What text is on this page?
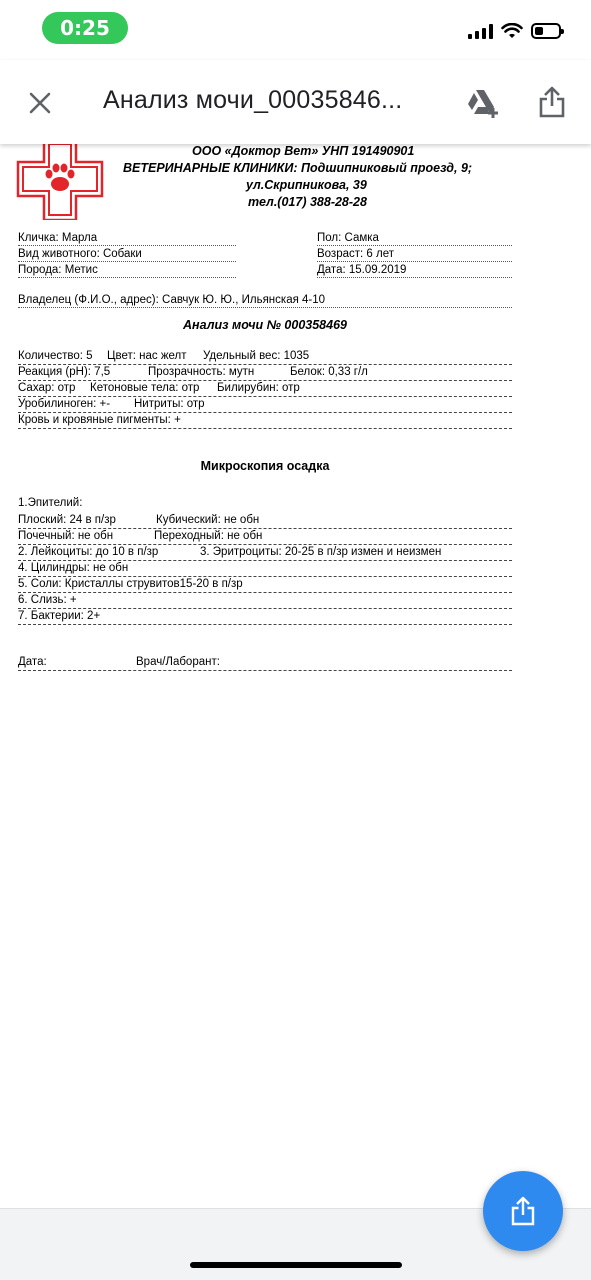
0:25
Анализ мочи_00035846...
ООО «Доктор Вет» УНП 191490901
ВЕТЕРИНАРНЫЕ КЛИНИКИ: Подшипниковый проезд, 9;
ул.Скрипникова, 39
тел.(017) 388-28-28
Кличка: Марла
Вид животного: Собаки
Порода: Метис
Пол: Самка
Возраст: 6 лет
Дата: 15.09.2019
Владелец (Ф.И.О., адрес): Савчук Ю. Ю., Ильянская 4-10
Анализ мочи № 000358469
Количество: 5 Цвет: нас желт Удельный вес: 1035
Реакция (рН): 7,5	Прозрачность: мутн	Белок: 0,33 г/л
Сахар: отр Кетоновые тела: отр Билирубин: отр
Уробилиноген: +- Нитриты: отр
Кровь и кровяные пигменты: +
Микроскопия осадка
1.Эпителий:
Плоский: 24 в п/зр	Кубический: не обн
Почечный: не обн	Переходный: не обн
2. Лейкоциты: до 10 в п/зр	3. Эритроциты: 20-25 в п/зр измен и неизмен
4. Цилиндры: не обн
5. Соли: Кристаллы струвитов15-20 в п/зр
6. Слизь: +
7. Бактерии: 2+
Дата:	Врач/Лаборант:
